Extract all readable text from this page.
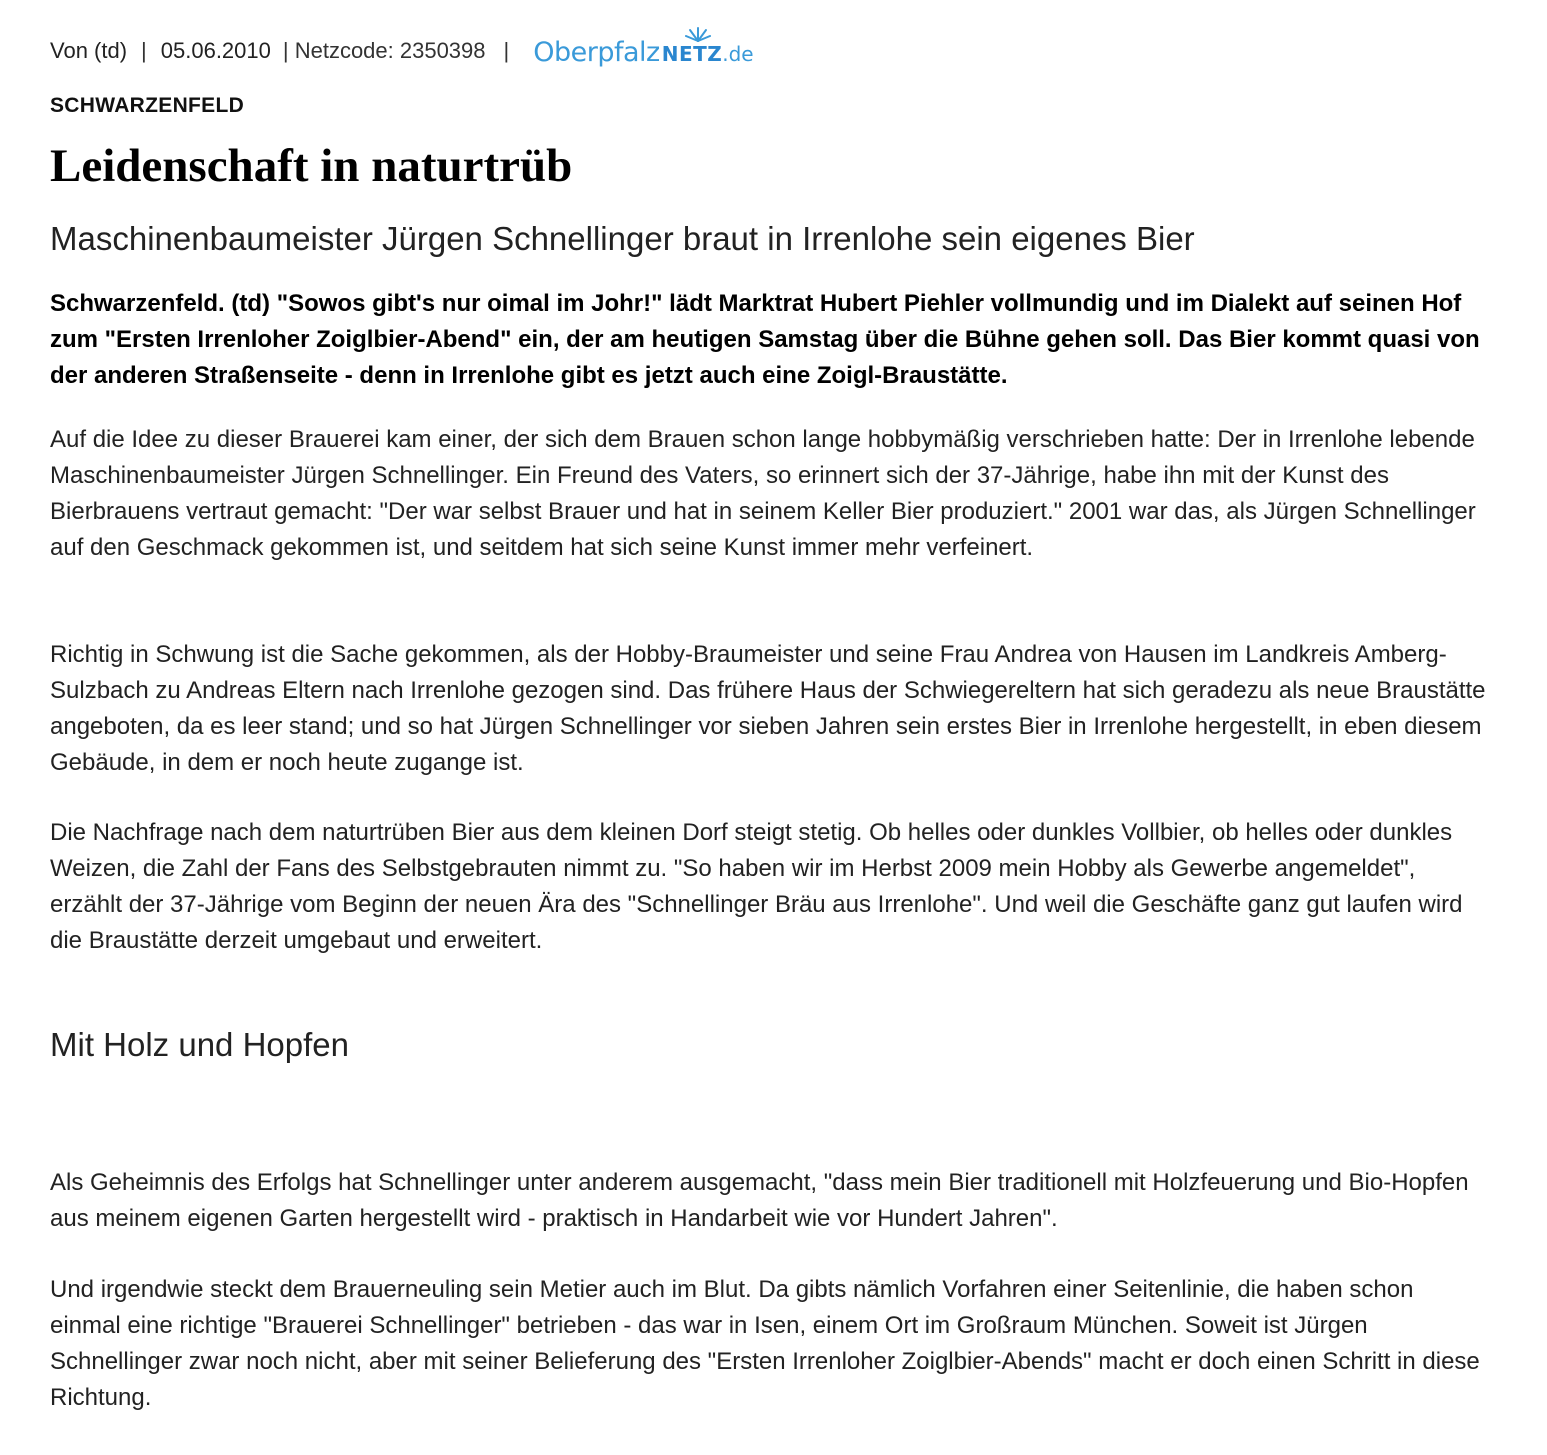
Von (td) | 05.06.2010 | Netzcode: 2350398 | Oberpfalz NETZ .de
SCHWARZENFELD
Leidenschaft in naturtrüb
Maschinenbaumeister Jürgen Schnellinger braut in Irrenlohe sein eigenes Bier

Schwarzenfeld. (td) "Sowos gibt's nur oimal im Johr!" lädt Marktrat Hubert Piehler vollmundig und im Dialekt auf seinen Hof zum "Ersten Irrenloher Zoiglbier-Abend" ein, der am heutigen Samstag über die Bühne gehen soll. Das Bier kommt quasi von der anderen Straßenseite - denn in Irrenlohe gibt es jetzt auch eine Zoigl-Braustätte.

Auf die Idee zu dieser Brauerei kam einer, der sich dem Brauen schon lange hobbymäßig verschrieben hatte: Der in Irrenlohe lebende Maschinenbaumeister Jürgen Schnellinger. Ein Freund des Vaters, so erinnert sich der 37-Jährige, habe ihn mit der Kunst des Bierbrauens vertraut gemacht: "Der war selbst Brauer und hat in seinem Keller Bier produziert." 2001 war das, als Jürgen Schnellinger auf den Geschmack gekommen ist, und seitdem hat sich seine Kunst immer mehr verfeinert.

Richtig in Schwung ist die Sache gekommen, als der Hobby-Braumeister und seine Frau Andrea von Hausen im Landkreis Amberg-Sulzbach zu Andreas Eltern nach Irrenlohe gezogen sind. Das frühere Haus der Schwiegereltern hat sich geradezu als neue Braustätte angeboten, da es leer stand; und so hat Jürgen Schnellinger vor sieben Jahren sein erstes Bier in Irrenlohe hergestellt, in eben diesem Gebäude, in dem er noch heute zugange ist.

Die Nachfrage nach dem naturtrüben Bier aus dem kleinen Dorf steigt stetig. Ob helles oder dunkles Vollbier, ob helles oder dunkles Weizen, die Zahl der Fans des Selbstgebrauten nimmt zu. "So haben wir im Herbst 2009 mein Hobby als Gewerbe angemeldet", erzählt der 37-Jährige vom Beginn der neuen Ära des "Schnellinger Bräu aus Irrenlohe". Und weil die Geschäfte ganz gut laufen wird die Braustätte derzeit umgebaut und erweitert.

Mit Holz und Hopfen

Als Geheimnis des Erfolgs hat Schnellinger unter anderem ausgemacht, "dass mein Bier traditionell mit Holzfeuerung und Bio-Hopfen aus meinem eigenen Garten hergestellt wird - praktisch in Handarbeit wie vor Hundert Jahren".

Und irgendwie steckt dem Brauerneuling sein Metier auch im Blut. Da gibts nämlich Vorfahren einer Seitenlinie, die haben schon einmal eine richtige "Brauerei Schnellinger" betrieben - das war in Isen, einem Ort im Großraum München. Soweit ist Jürgen Schnellinger zwar noch nicht, aber mit seiner Belieferung des "Ersten Irrenloher Zoiglbier-Abends" macht er doch einen Schritt in diese Richtung.
